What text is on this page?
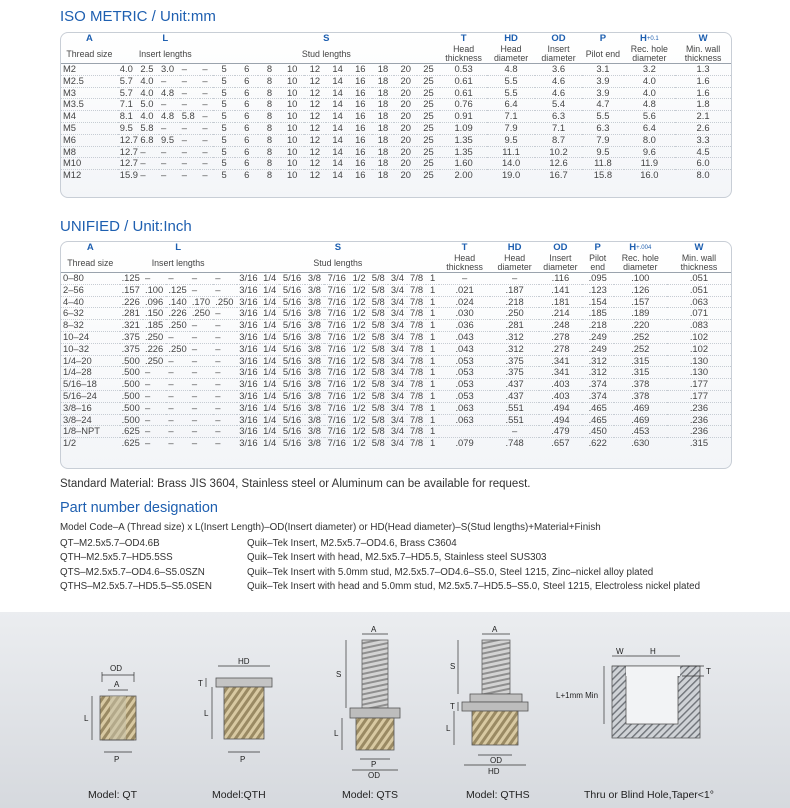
ISO METRIC / Unit:mm
A	L					S										T	HD	OD	P	$H^{+0.1}$	W
Thread size	Insert lengths					Stud lengths										Head thickness	Head diameter	Insert diameter	Pilot end	Rec. hole diameter	Min. wall thickness
M2	4.0	2.5	3.0	–	–	5	6	8	10	12	14	16	18	20	25	0.53	4.8	3.6	3.1	3.2	1.3
M2.5	5.7	4.0	–	–	–	5	6	8	10	12	14	16	18	20	25	0.61	5.5	4.6	3.9	4.0	1.6
M3	5.7	4.0	4.8	–	–	5	6	8	10	12	14	16	18	20	25	0.61	5.5	4.6	3.9	4.0	1.6
M3.5	7.1	5.0	–	–	–	5	6	8	10	12	14	16	18	20	25	0.76	6.4	5.4	4.7	4.8	1.8
M4	8.1	4.0	4.8	5.8	–	5	6	8	10	12	14	16	18	20	25	0.91	7.1	6.3	5.5	5.6	2.1
M5	9.5	5.8	–	–	–	5	6	8	10	12	14	16	18	20	25	1.09	7.9	7.1	6.3	6.4	2.6
M6	12.7	6.8	9.5	–	–	5	6	8	10	12	14	16	18	20	25	1.35	9.5	8.7	7.9	8.0	3.3
M8	12.7	–	–	–	–	5	6	8	10	12	14	16	18	20	25	1.35	11.1	10.2	9.5	9.6	4.5
M10	12.7	–	–	–	–	5	6	8	10	12	14	16	18	20	25	1.60	14.0	12.6	11.8	11.9	6.0
M12	15.9	–	–	–	–	5	6	8	10	12	14	16	18	20	25	2.00	19.0	16.7	15.8	16.0	8.0
UNIFIED / Unit:Inch
A	L					S										T	HD	OD	P	$H^{+.004}$	W
Thread size	Insert lengths					Stud lengths										Head thickness	Head diameter	Insert diameter	Pilot end	Rec. hole diameter	Min. wall thickness
0–80	.125	–	–	–	–	3/16	1/4	5/16	3/8	7/16	1/2	5/8	3/4	7/8	1	–	–	.116	.095	.100	.051
2–56	.157	.100	.125	–	–	3/16	1/4	5/16	3/8	7/16	1/2	5/8	3/4	7/8	1	.021	.187	.141	.123	.126	.051
4–40	.226	.096	.140	.170	.250	3/16	1/4	5/16	3/8	7/16	1/2	5/8	3/4	7/8	1	.024	.218	.181	.154	.157	.063
6–32	.281	.150	.226	.250	–	3/16	1/4	5/16	3/8	7/16	1/2	5/8	3/4	7/8	1	.030	.250	.214	.185	.189	.071
8–32	.321	.185	.250	–	–	3/16	1/4	5/16	3/8	7/16	1/2	5/8	3/4	7/8	1	.036	.281	.248	.218	.220	.083
10–24	.375	.250	–	–	–	3/16	1/4	5/16	3/8	7/16	1/2	5/8	3/4	7/8	1	.043	.312	.278	.249	.252	.102
10–32	.375	.226	.250	–	–	3/16	1/4	5/16	3/8	7/16	1/2	5/8	3/4	7/8	1	.043	.312	.278	.249	.252	.102
1/4–20	.500	.250	–	–	–	3/16	1/4	5/16	3/8	7/16	1/2	5/8	3/4	7/8	1	.053	.375	.341	.312	.315	.130
1/4–28	.500	–	–	–	–	3/16	1/4	5/16	3/8	7/16	1/2	5/8	3/4	7/8	1	.053	.375	.341	.312	.315	.130
5/16–18	.500	–	–	–	–	3/16	1/4	5/16	3/8	7/16	1/2	5/8	3/4	7/8	1	.053	.437	.403	.374	.378	.177
5/16–24	.500	–	–	–	–	3/16	1/4	5/16	3/8	7/16	1/2	5/8	3/4	7/8	1	.053	.437	.403	.374	.378	.177
3/8–16	.500	–	–	–	–	3/16	1/4	5/16	3/8	7/16	1/2	5/8	3/4	7/8	1	.063	.551	.494	.465	.469	.236
3/8–24	.500	–	–	–	–	3/16	1/4	5/16	3/8	7/16	1/2	5/8	3/4	7/8	1	.063	.551	.494	.465	.469	.236
1/8–NPT	.625	–	–	–	–	3/16	1/4	5/16	3/8	7/16	1/2	5/8	3/4	7/8	1		–	.479	.450	.453	.236
1/2	.625	–	–	–	–	3/16	1/4	5/16	3/8	7/16	1/2	5/8	3/4	7/8	1	.079	.748	.657	.622	.630	.315
Standard Material: Brass JIS 3604, Stainless steel or Aluminum can be available for request.
Part number designation
Model Code–A (Thread size) x L(Insert Length)–OD(Insert diameter) or HD(Head diameter)–S(Stud lengths)+Material+Finish
QT–M2.5x5.7–OD4.6B	Quik–Tek Insert, M2.5x5.7–OD4.6, Brass C3604
QTH–M2.5x5.7–HD5.5SS	Quik–Tek Insert with head, M2.5x5.7–HD5.5, Stainless steel SUS303
QTS–M2.5x5.7–OD4.6–S5.0SZN	Quik–Tek Insert with 5.0mm stud, M2.5x5.7–OD4.6–S5.0, Steel 1215, Zinc–nickel alloy plated
QTHS–M2.5x5.7–HD5.5–S5.0SEN	Quik–Tek Insert with head and 5.0mm stud, M2.5x5.7–HD5.5–S5.0, Steel 1215, Electroless nickel plated
OD
A
L
P
HD
T
L
P
A
S
L
P
OD
A
S
T
L
OD
HD
W	H
T
L+1mm Min
Model: QT	Model:QTH	Model: QTS	Model: QTHS	Thru or Blind Hole,Taper<1°
